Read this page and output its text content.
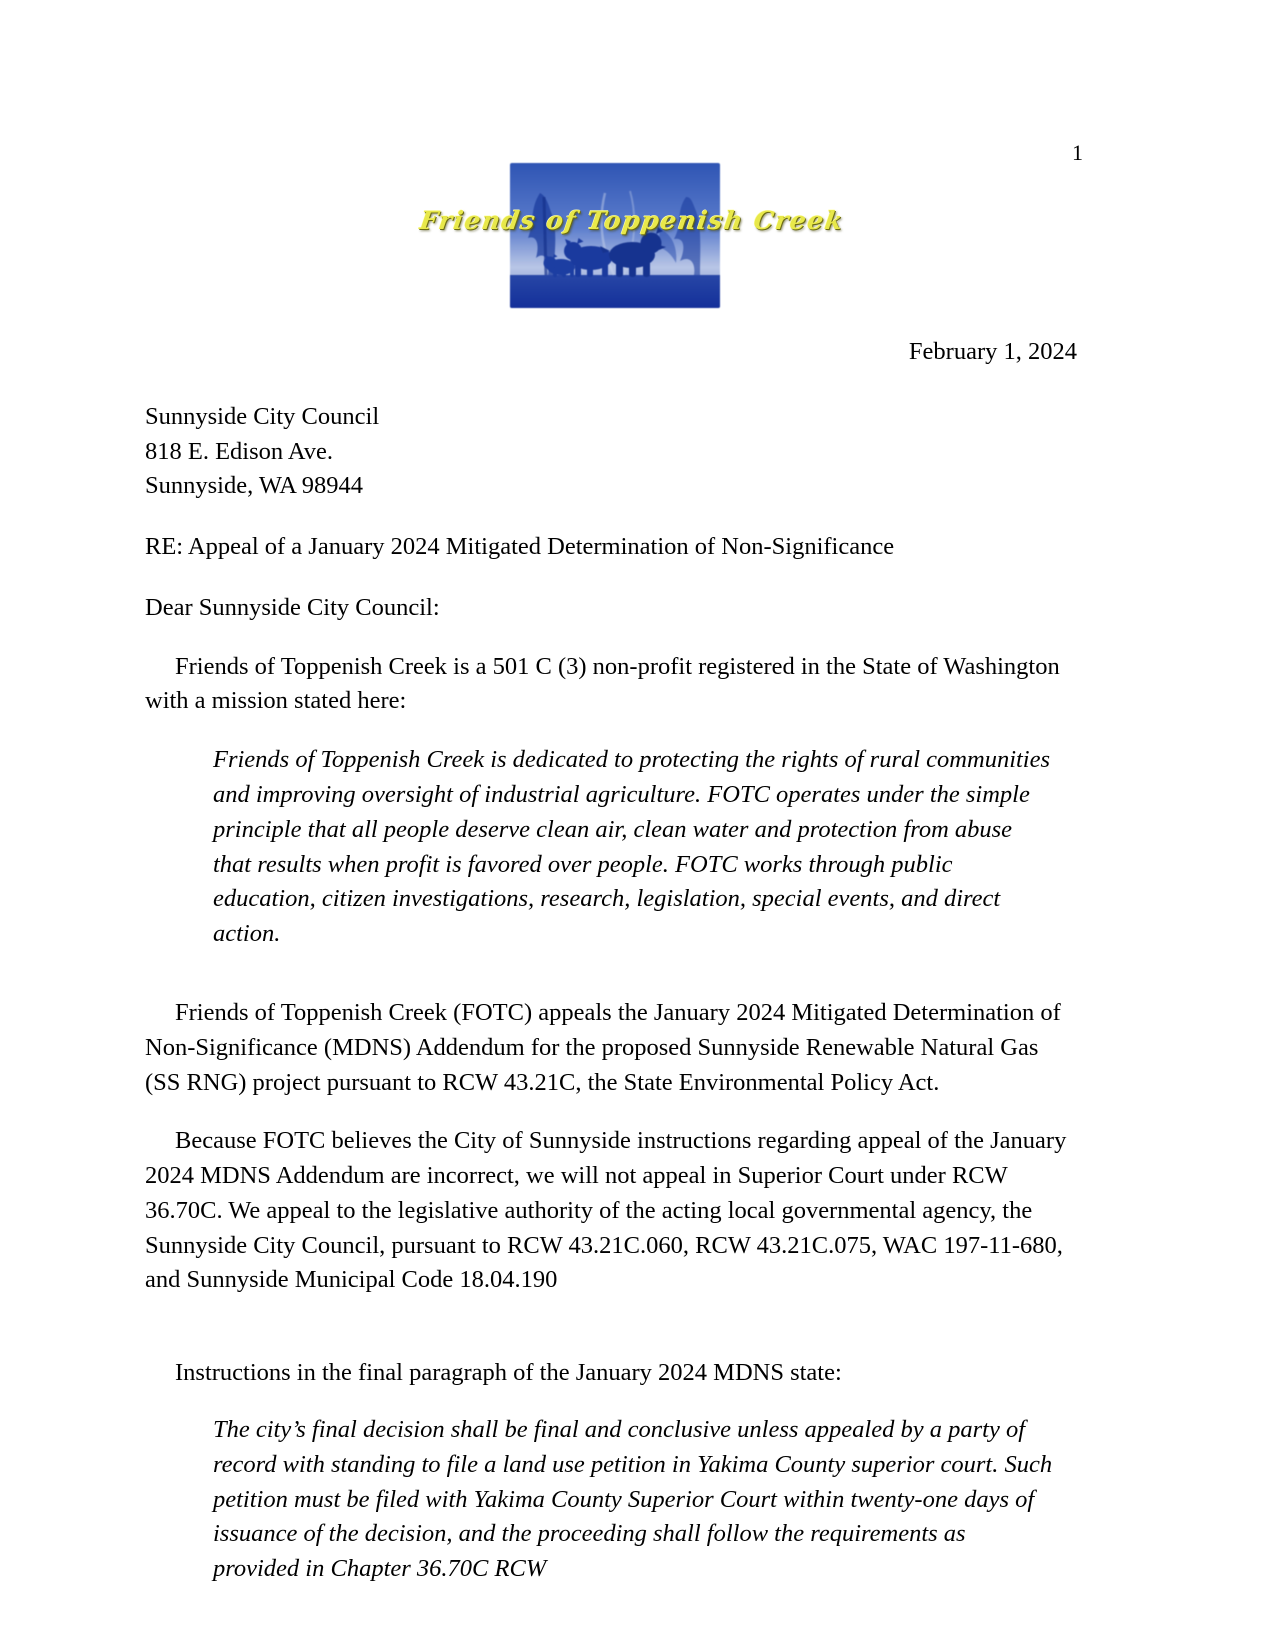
1
Friends of Toppenish Creek
February 1, 2024
Sunnyside City Council
818 E. Edison Ave.
Sunnyside, WA 98944
RE: Appeal of a January 2024 Mitigated Determination of Non-Significance
Dear Sunnyside City Council:

Friends of Toppenish Creek is a 501 C (3) non-profit registered in the State of Washington with a mission stated here:

Friends of Toppenish Creek is dedicated to protecting the rights of rural communities and improving oversight of industrial agriculture. FOTC operates under the simple principle that all people deserve clean air, clean water and protection from abuse that results when profit is favored over people. FOTC works through public education, citizen investigations, research, legislation, special events, and direct action.

Friends of Toppenish Creek (FOTC) appeals the January 2024 Mitigated Determination of Non-Significance (MDNS) Addendum for the proposed Sunnyside Renewable Natural Gas (SS RNG) project pursuant to RCW 43.21C, the State Environmental Policy Act.

Because FOTC believes the City of Sunnyside instructions regarding appeal of the January 2024 MDNS Addendum are incorrect, we will not appeal in Superior Court under RCW 36.70C. We appeal to the legislative authority of the acting local governmental agency, the Sunnyside City Council, pursuant to RCW 43.21C.060, RCW 43.21C.075, WAC 197-11-680, and Sunnyside Municipal Code 18.04.190

Instructions in the final paragraph of the January 2024 MDNS state:
The city’s final decision shall be final and conclusive unless appealed by a party of record with standing to file a land use petition in Yakima County superior court. Such petition must be filed with Yakima County Superior Court within twenty-one days of issuance of the decision, and the proceeding shall follow the requirements as provided in Chapter 36.70C RCW
